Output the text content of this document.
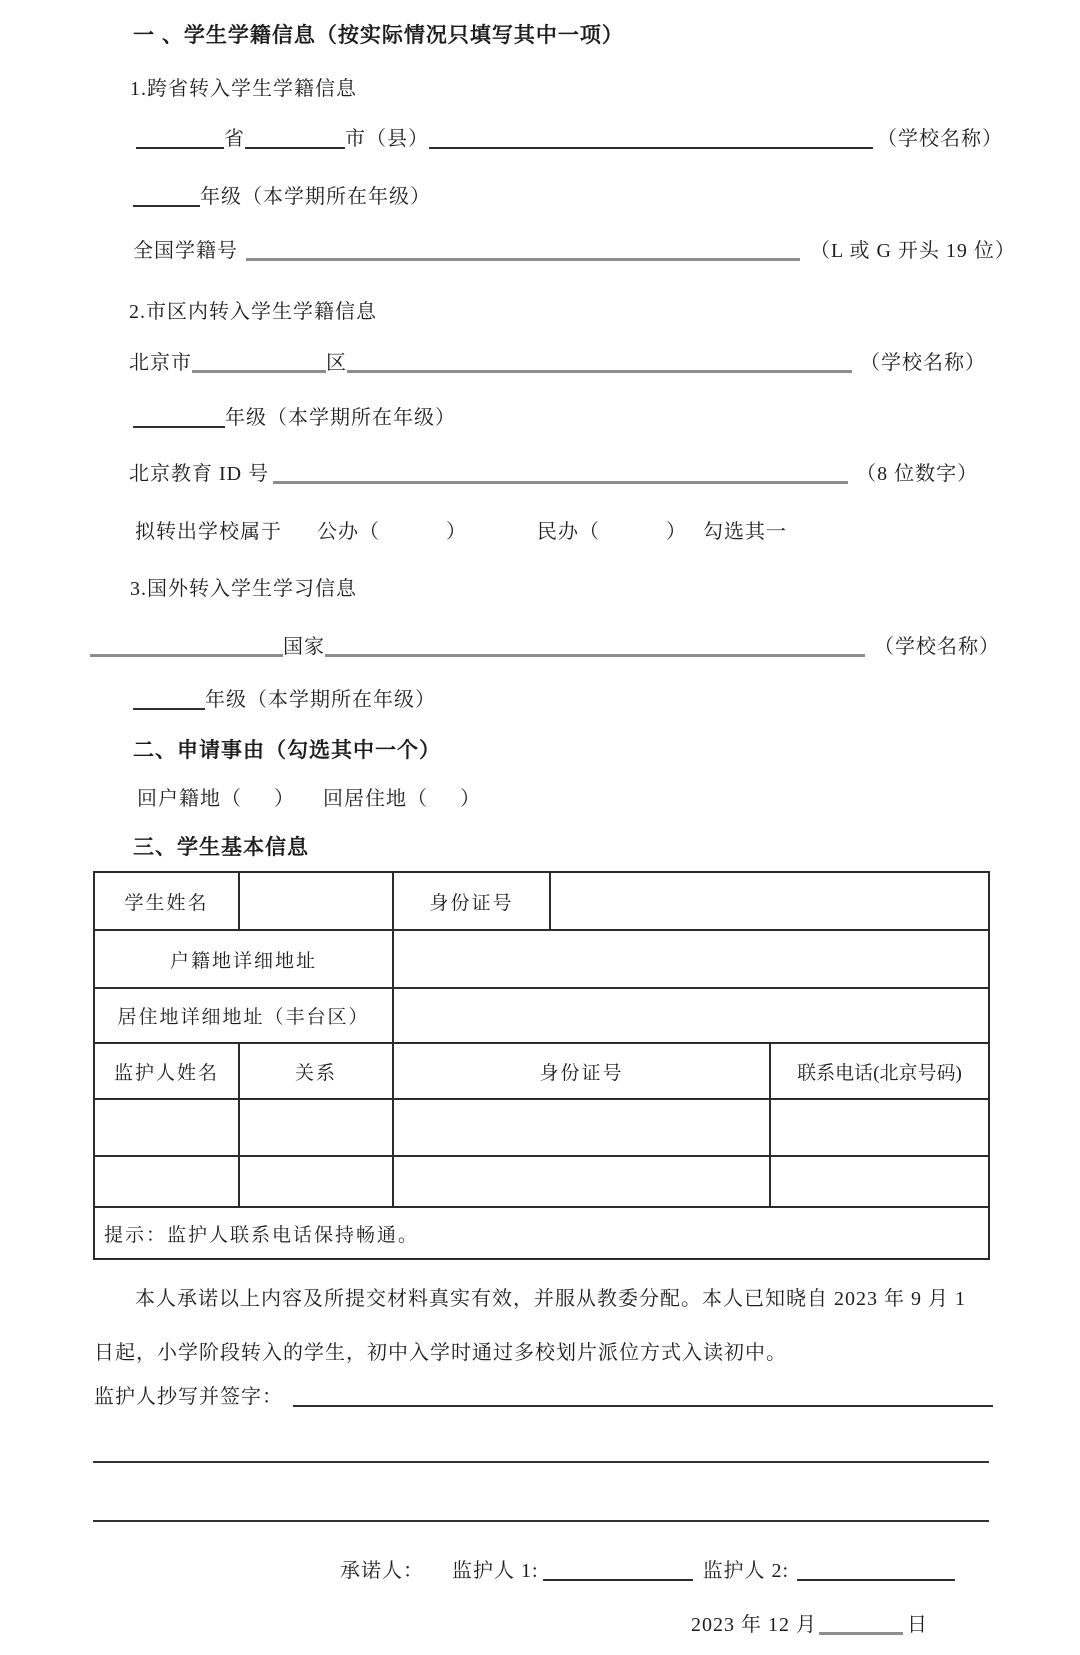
一 、学生学籍信息（按实际情况只填写其中一项）
1.跨省转入学生学籍信息
省	市（县）	（学校名称）
年级（本学期所在年级）
全国学籍号	（L 或 G 开头 19 位）
2.市区内转入学生学籍信息
北京市	区	（学校名称）
年级（本学期所在年级）
北京教育 ID 号	（8 位数字）
拟转出学校属于 公办（	）	民办（	） 勾选其一
3.国外转入学生学习信息
国家	（学校名称）
年级（本学期所在年级）
二、申请事由（勾选其中一个）
回户籍地（ ） 回居住地（ ）
三、学生基本信息
学生姓名	身份证号
户籍地详细地址
居住地详细地址（丰台区）
监护人姓名	关系	身份证号	联系电话(北京号码)
提示：监护人联系电话保持畅通。
本人承诺以上内容及所提交材料真实有效，并服从教委分配。本人已知晓自 2023 年 9 月 1
日起，小学阶段转入的学生，初中入学时通过多校划片派位方式入读初中。
监护人抄写并签字：
承诺人： 监护人 1:	监护人 2:
2023 年 12 月	日
